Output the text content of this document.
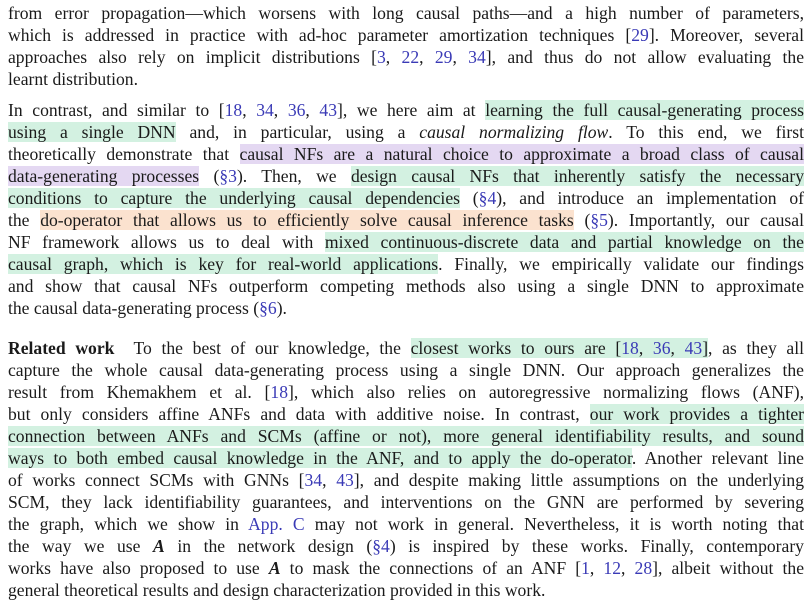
from error propagation—which worsens with long causal paths—and a high number of parameters,
which is addressed in practice with ad-hoc parameter amortization techniques [29]. Moreover, several
approaches also rely on implicit distributions [3, 22, 29, 34], and thus do not allow evaluating the
learnt distribution.
In contrast, and similar to [18, 34, 36, 43], we here aim at learning the full causal-generating process
using a single DNN and, in particular, using a causal normalizing flow. To this end, we first
theoretically demonstrate that causal NFs are a natural choice to approximate a broad class of causal
data-generating processes (§3). Then, we design causal NFs that inherently satisfy the necessary
conditions to capture the underlying causal dependencies (§4), and introduce an implementation of
the do-operator that allows us to efficiently solve causal inference tasks (§5). Importantly, our causal
NF framework allows us to deal with mixed continuous-discrete data and partial knowledge on the
causal graph, which is key for real-world applications. Finally, we empirically validate our findings
and show that causal NFs outperform competing methods also using a single DNN to approximate
the causal data-generating process (§6).
Related work  To the best of our knowledge, the closest works to ours are [18, 36, 43], as they all
capture the whole causal data-generating process using a single DNN. Our approach generalizes the
result from Khemakhem et al. [18], which also relies on autoregressive normalizing flows (ANF),
but only considers affine ANFs and data with additive noise. In contrast, our work provides a tighter
connection between ANFs and SCMs (affine or not), more general identifiability results, and sound
ways to both embed causal knowledge in the ANF, and to apply the do-operator. Another relevant line
of works connect SCMs with GNNs [34, 43], and despite making little assumptions on the underlying
SCM, they lack identifiability guarantees, and interventions on the GNN are performed by severing
the graph, which we show in App. C may not work in general. Nevertheless, it is worth noting that
the way we use A in the network design (§4) is inspired by these works. Finally, contemporary
works have also proposed to use A to mask the connections of an ANF [1, 12, 28], albeit without the
general theoretical results and design characterization provided in this work.
